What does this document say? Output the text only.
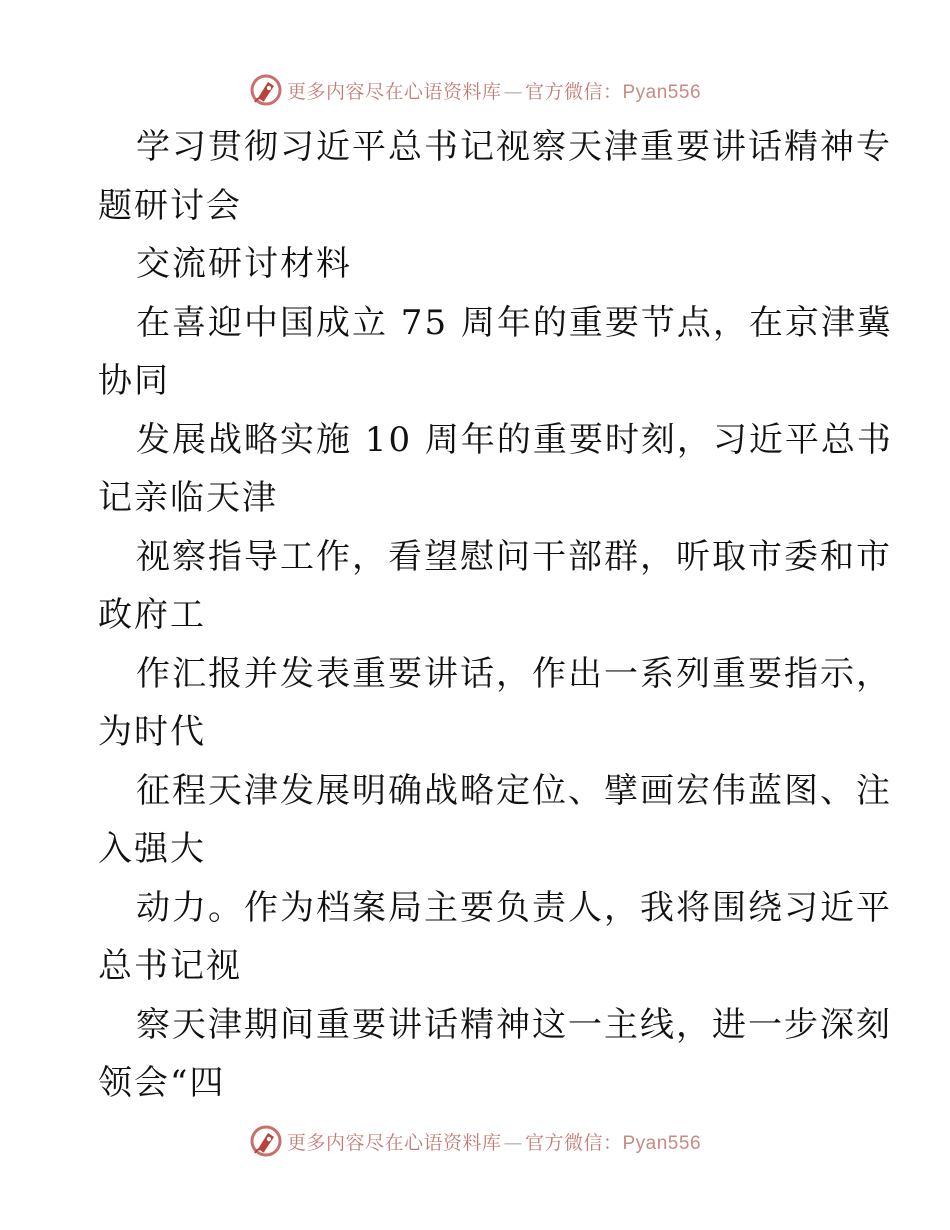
更多内容尽在心语资料库 — 官方微信：Pyan556
学习贯彻习近平总书记视察天津重要讲话精神专
题研讨会
交流研讨材料
在喜迎中国成立 75 周年的重要节点，在京津冀
协同
发展战略实施 10 周年的重要时刻，习近平总书
记亲临天津
视察指导工作，看望慰问干部群，听取市委和市
政府工
作汇报并发表重要讲话，作出一系列重要指示，
为时代
征程天津发展明确战略定位、擘画宏伟蓝图、注
入强大
动力。作为档案局主要负责人，我将围绕习近平
总书记视
察天津期间重要讲话精神这一主线，进一步深刻
领会“四
更多内容尽在心语资料库 — 官方微信：Pyan556
